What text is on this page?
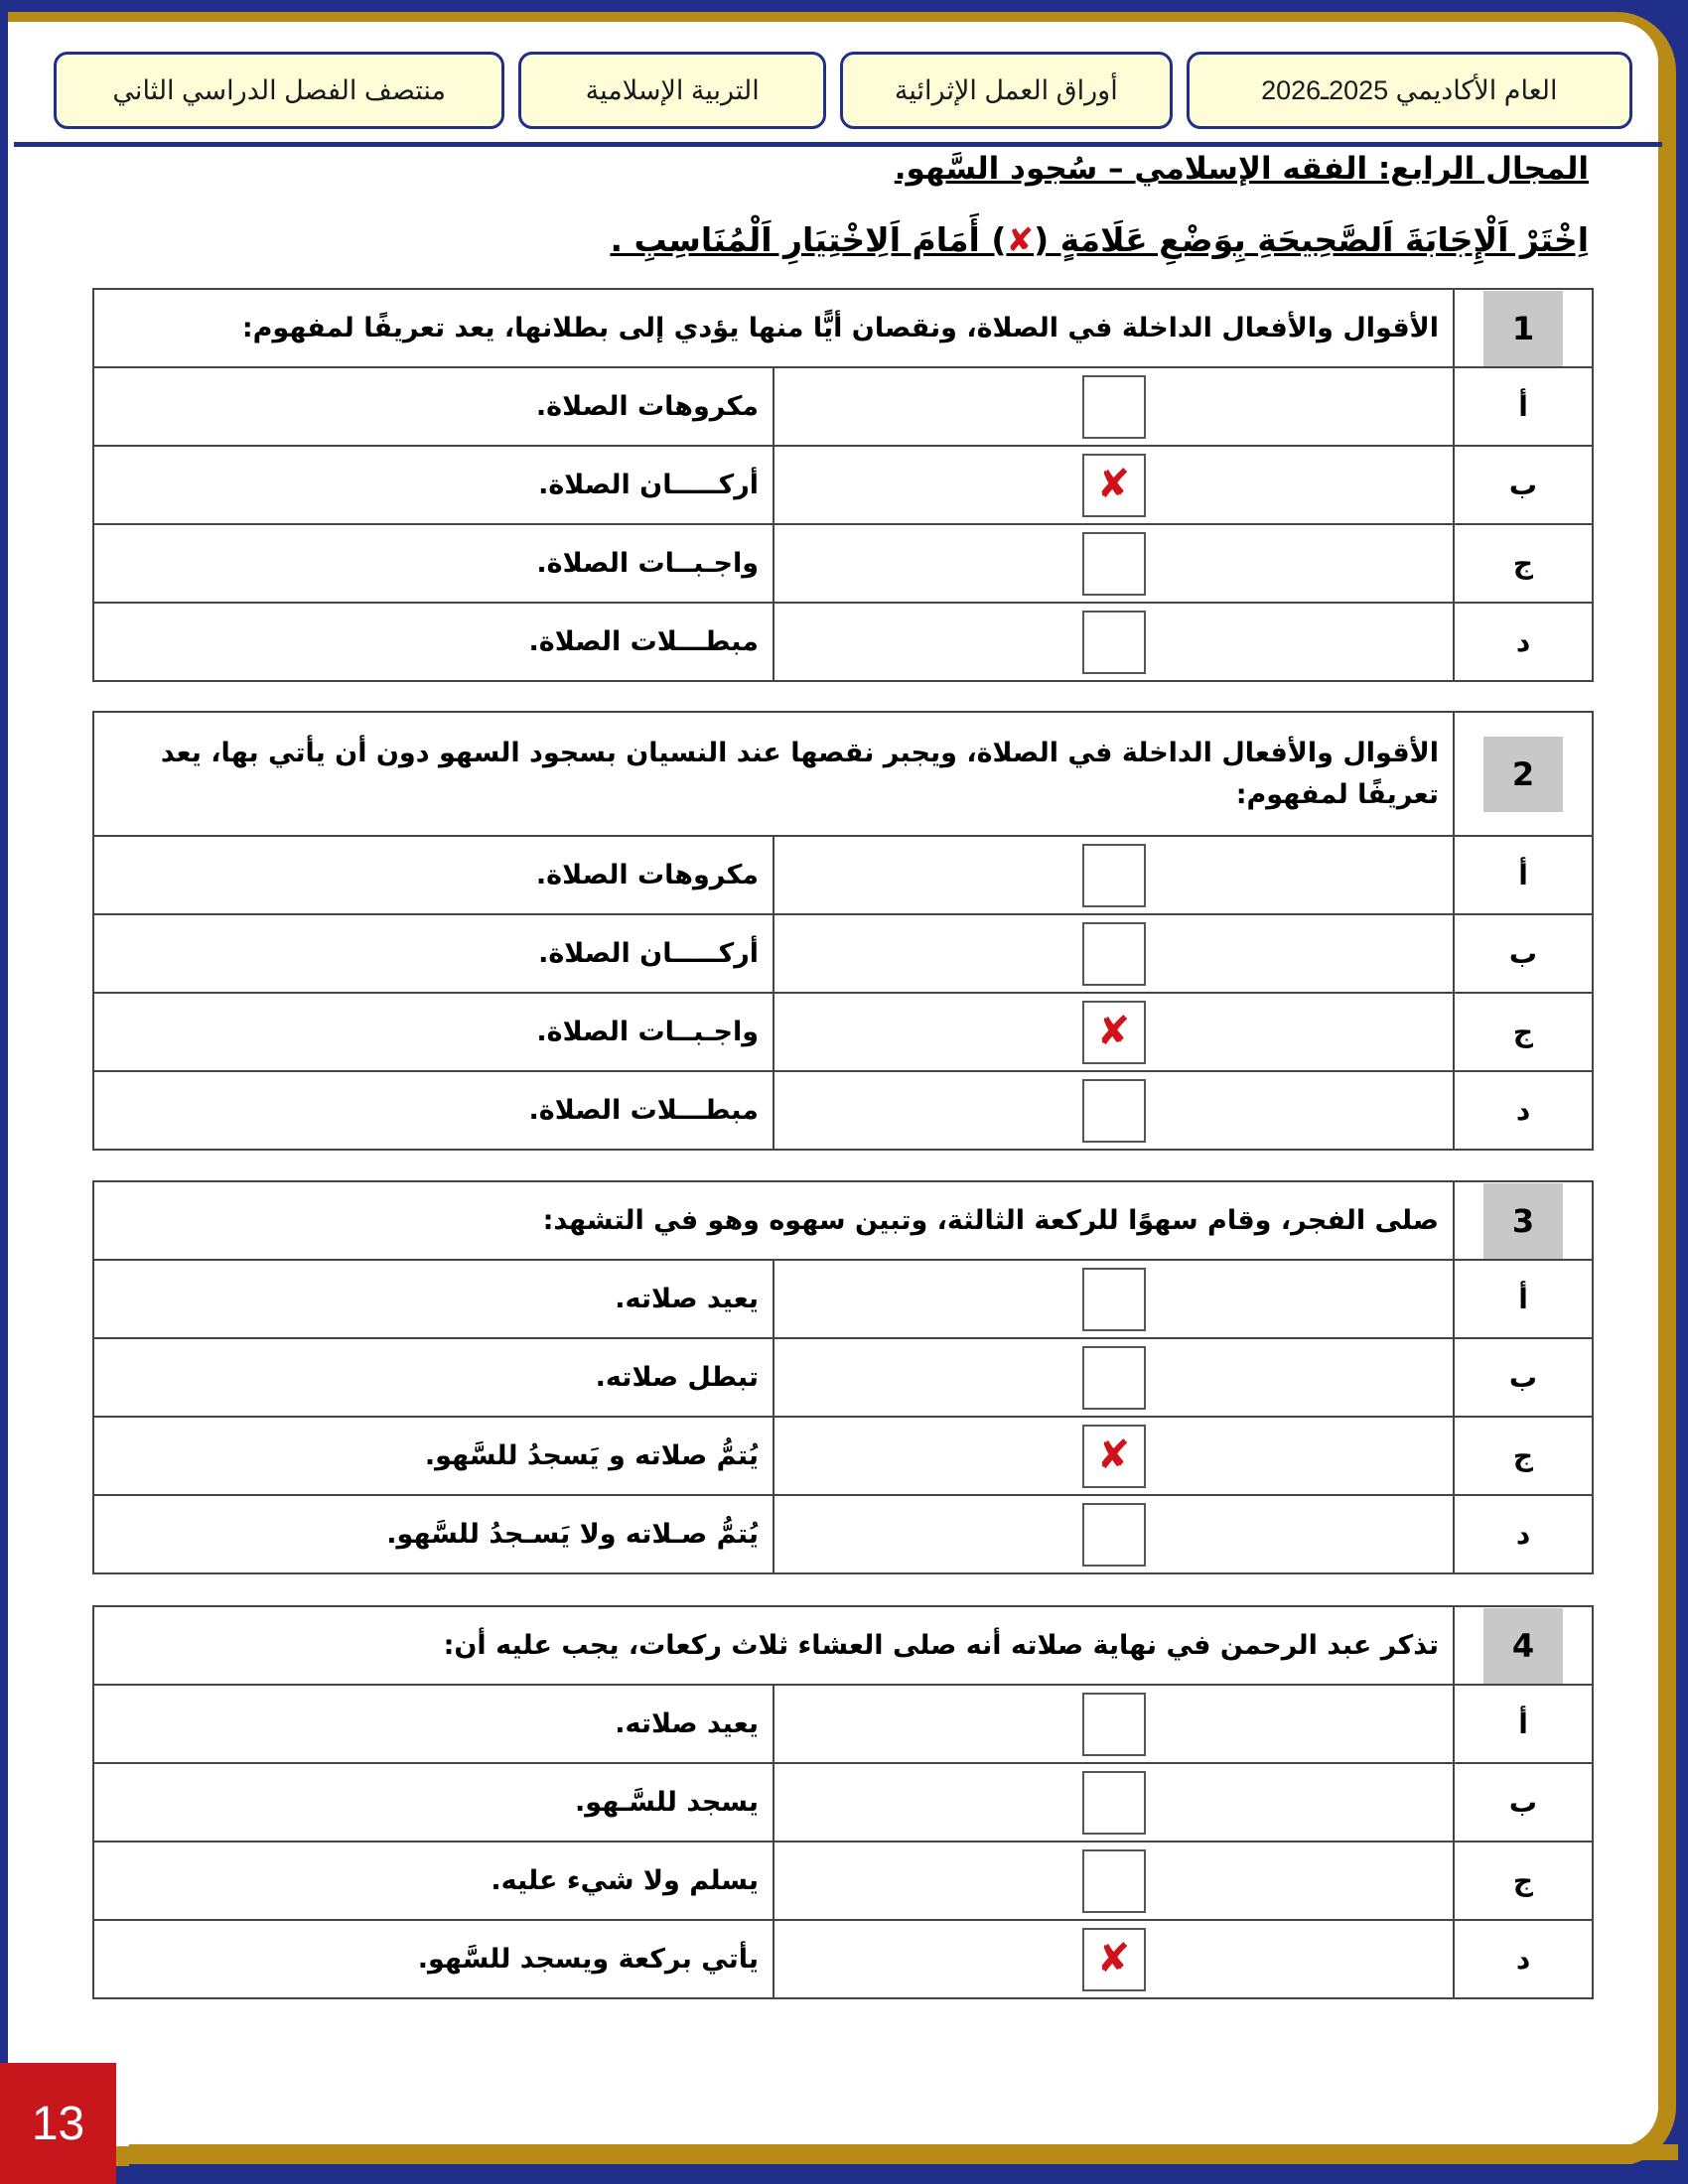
العام الأكاديمي 2025ـ2026
أوراق العمل الإثرائية
التربية الإسلامية
منتصف الفصل الدراسي الثاني
المجال الرابع: الفقه الإسلامي – سُجود السَّهو.
اِخْتَرْ اَلْإِجَابَةَ اَلصَّحِيحَةِ بِوَضْعِ عَلَامَةٍ (✘) أَمَامَ اَلِاخْتِيَارِ اَلْمُنَاسِبِ .
1	الأقوال والأفعال الداخلة في الصلاة، ونقصان أيًّا منها يؤدي إلى بطلانها، يعد تعريفًا لمفهوم:	
أ		مكروهات الصلاة.
ب	✘	أركـــــان الصلاة.
ج		واجـبــات الصلاة.
د		مبطـــلات الصلاة.
2	الأقوال والأفعال الداخلة في الصلاة، ويجبر نقصها عند النسيان بسجود السهو دون أن يأتي بها، يعد تعريفًا لمفهوم:	
أ		مكروهات الصلاة.
ب		أركـــــان الصلاة.
ج	✘	واجـبــات الصلاة.
د		مبطـــلات الصلاة.
3	صلى الفجر، وقام سهوًا للركعة الثالثة، وتبين سهوه وهو في التشهد:	
أ		يعيد صلاته.
ب		تبطل صلاته.
ج	✘	يُتمُّ صلاته و يَسجدُ للسَّهو.
د		يُتمُّ صـلاته ولا يَسـجدُ للسَّهو.
4	تذكر عبد الرحمن في نهاية صلاته أنه صلى العشاء ثلاث ركعات، يجب عليه أن:	
أ		يعيد صلاته.
ب		يسجد للسَّـهو.
ج		يسلم ولا شيء عليه.
د	✘	يأتي بركعة ويسجد للسَّهو.
13
